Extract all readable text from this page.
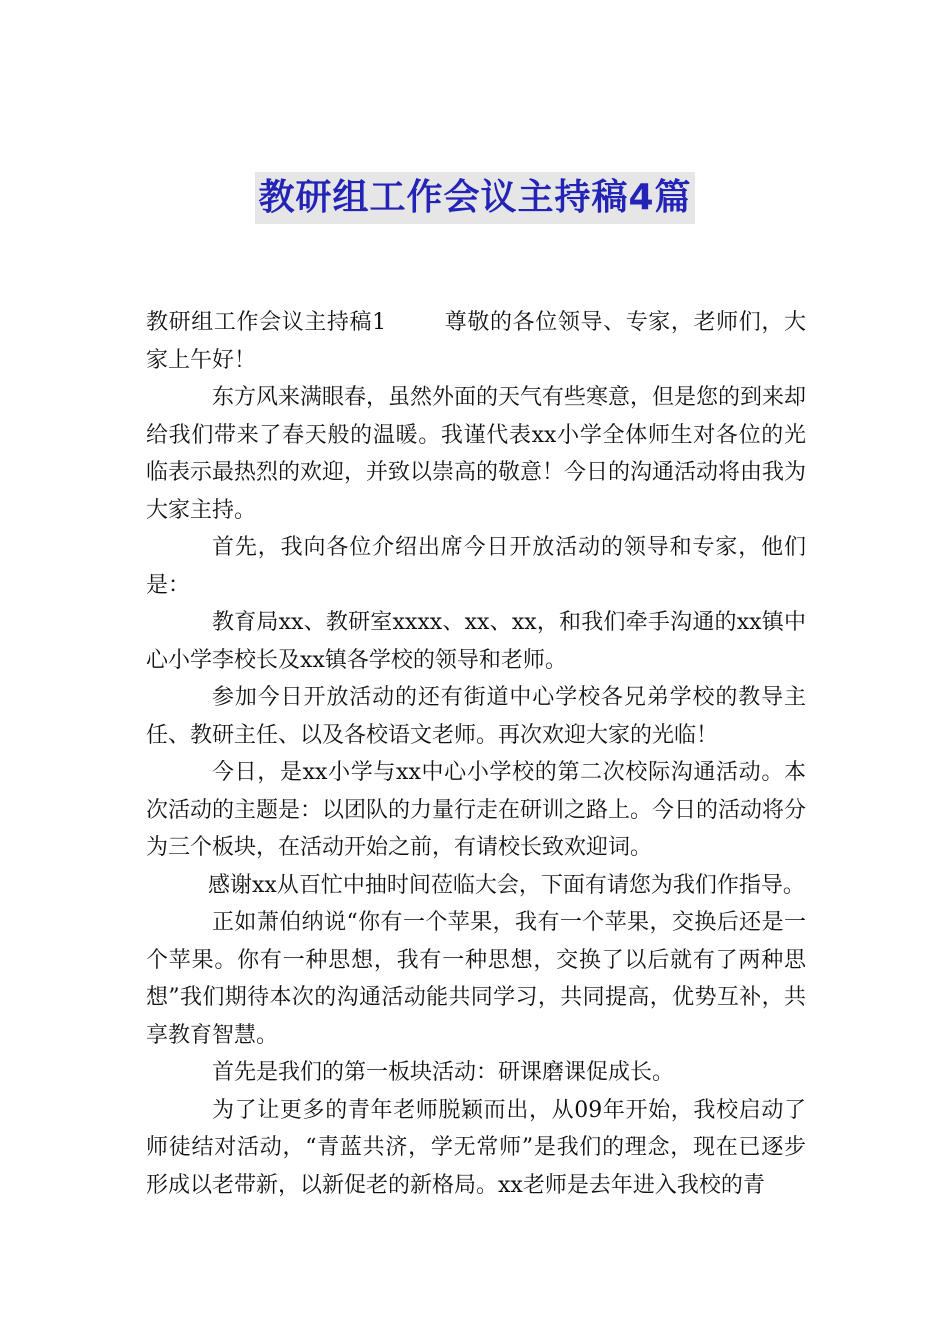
教研组工作会议主持稿4篇

教研组工作会议主持稿1	尊敬的各位领导、专家，老师们，大家上午好！

东方风来满眼春，虽然外面的天气有些寒意，但是您的到来却给我们带来了春天般的温暖。我谨代表xx小学全体师生对各位的光临表示最热烈的欢迎，并致以崇高的敬意！今日的沟通活动将由我为大家主持。

首先，我向各位介绍出席今日开放活动的领导和专家，他们是：

教育局xx、教研室xxxx、xx、xx，和我们牵手沟通的xx镇中心小学李校长及xx镇各学校的领导和老师。

参加今日开放活动的还有街道中心学校各兄弟学校的教导主任、教研主任、以及各校语文老师。再次欢迎大家的光临！

今日，是xx小学与xx中心小学校的第二次校际沟通活动。本次活动的主题是：以团队的力量行走在研训之路上。今日的活动将分为三个板块，在活动开始之前，有请校长致欢迎词。

感谢xx从百忙中抽时间莅临大会，下面有请您为我们作指导。

正如萧伯纳说“你有一个苹果，我有一个苹果，交换后还是一个苹果。你有一种思想，我有一种思想，交换了以后就有了两种思想”我们期待本次的沟通活动能共同学习，共同提高，优势互补，共享教育智慧。

首先是我们的第一板块活动：研课磨课促成长。

为了让更多的青年老师脱颖而出，从09年开始，我校启动了师徒结对活动，“青蓝共济，学无常师”是我们的理念，现在已逐步形成以老带新，以新促老的新格局。xx老师是去年进入我校的青
